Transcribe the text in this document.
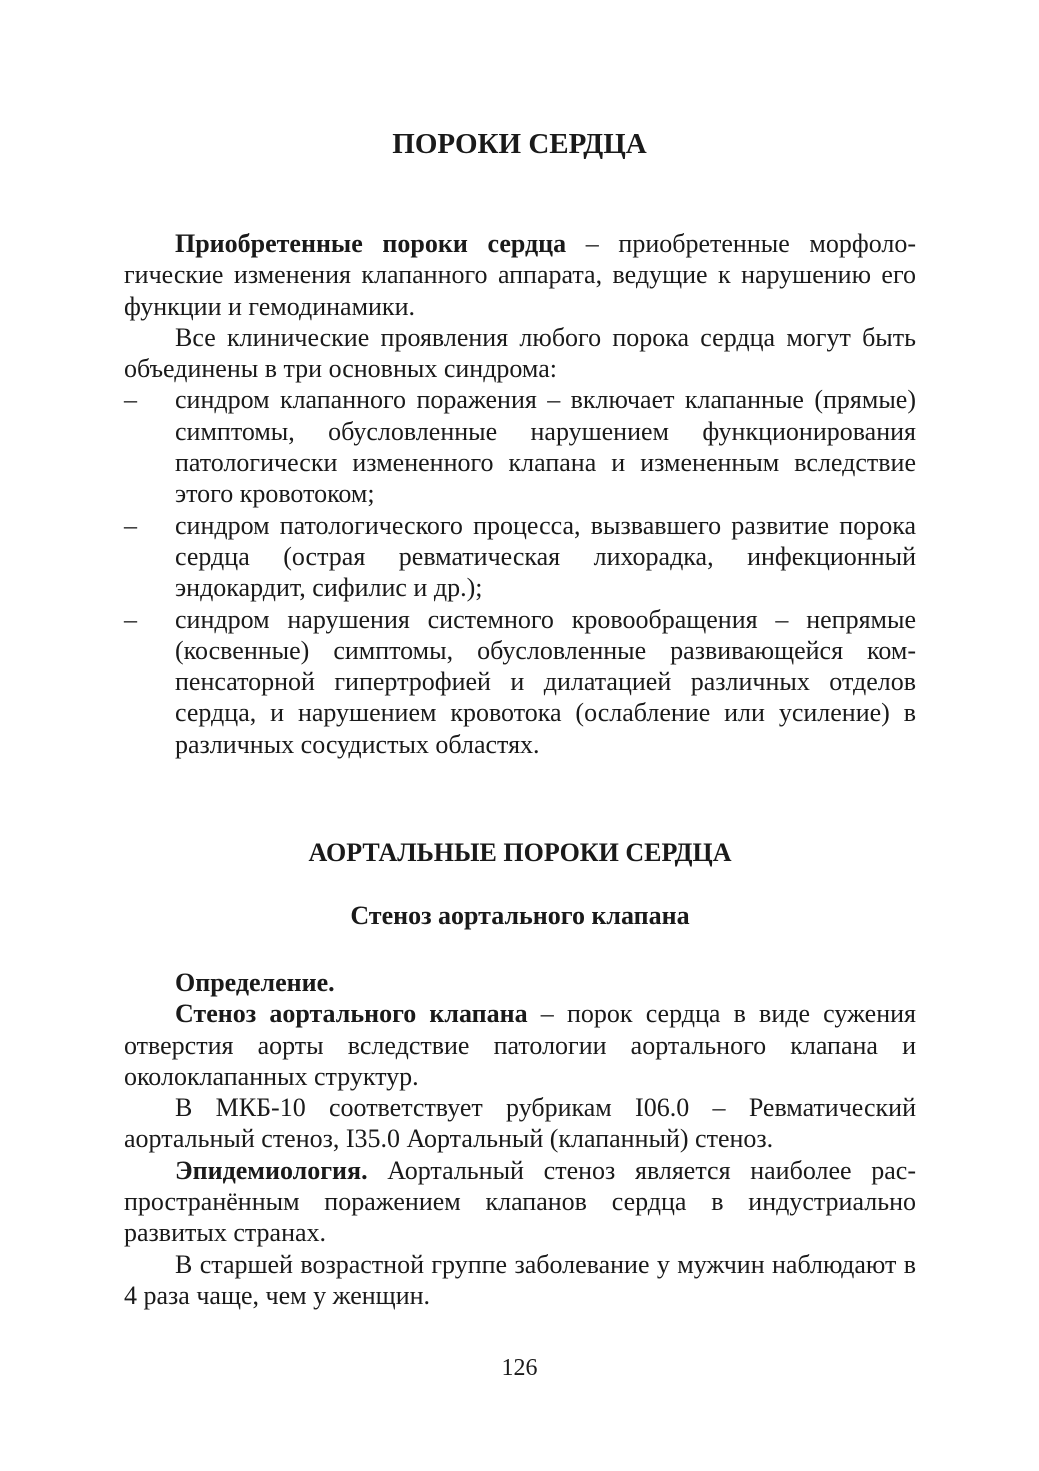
ПОРОКИ СЕРДЦА

Приобретенные пороки сердца – приобретенные морфологические изменения клапанного аппарата, ведущие к нарушению его функции и гемодинамики.

Все клинические проявления любого порока сердца могут быть объединены в три основных синдрома:

– синдром клапанного поражения – включает клапанные (прямые) симптомы, обусловленные нарушением функционирования патологически измененного клапана и измененным вследствие этого кровотоком;
– синдром патологического процесса, вызвавшего развитие порока сердца (острая ревматическая лихорадка, инфекционный эндокардит, сифилис и др.);
– синдром нарушения системного кровообращения – непрямые (косвенные) симптомы, обусловленные развивающейся компенсаторной гипертрофией и дилатацией различных отделов сердца, и нарушением кровотока (ослабление или усиление) в различных сосудистых областях.
АОРТАЛЬНЫЕ ПОРОКИ СЕРДЦА
Стеноз аортального клапана

Определение.

Стеноз аортального клапана – порок сердца в виде сужения отверстия аорты вследствие патологии аортального клапана и околоклапанных структур.

В МКБ-10 соответствует рубрикам I06.0 – Ревматический аортальный стеноз, I35.0 Аортальный (клапанный) стеноз.

Эпидемиология. Аортальный стеноз является наиболее распространённым поражением клапанов сердца в индустриально развитых странах.

В старшей возрастной группе заболевание у мужчин наблюдают в 4 раза чаще, чем у женщин.

126
